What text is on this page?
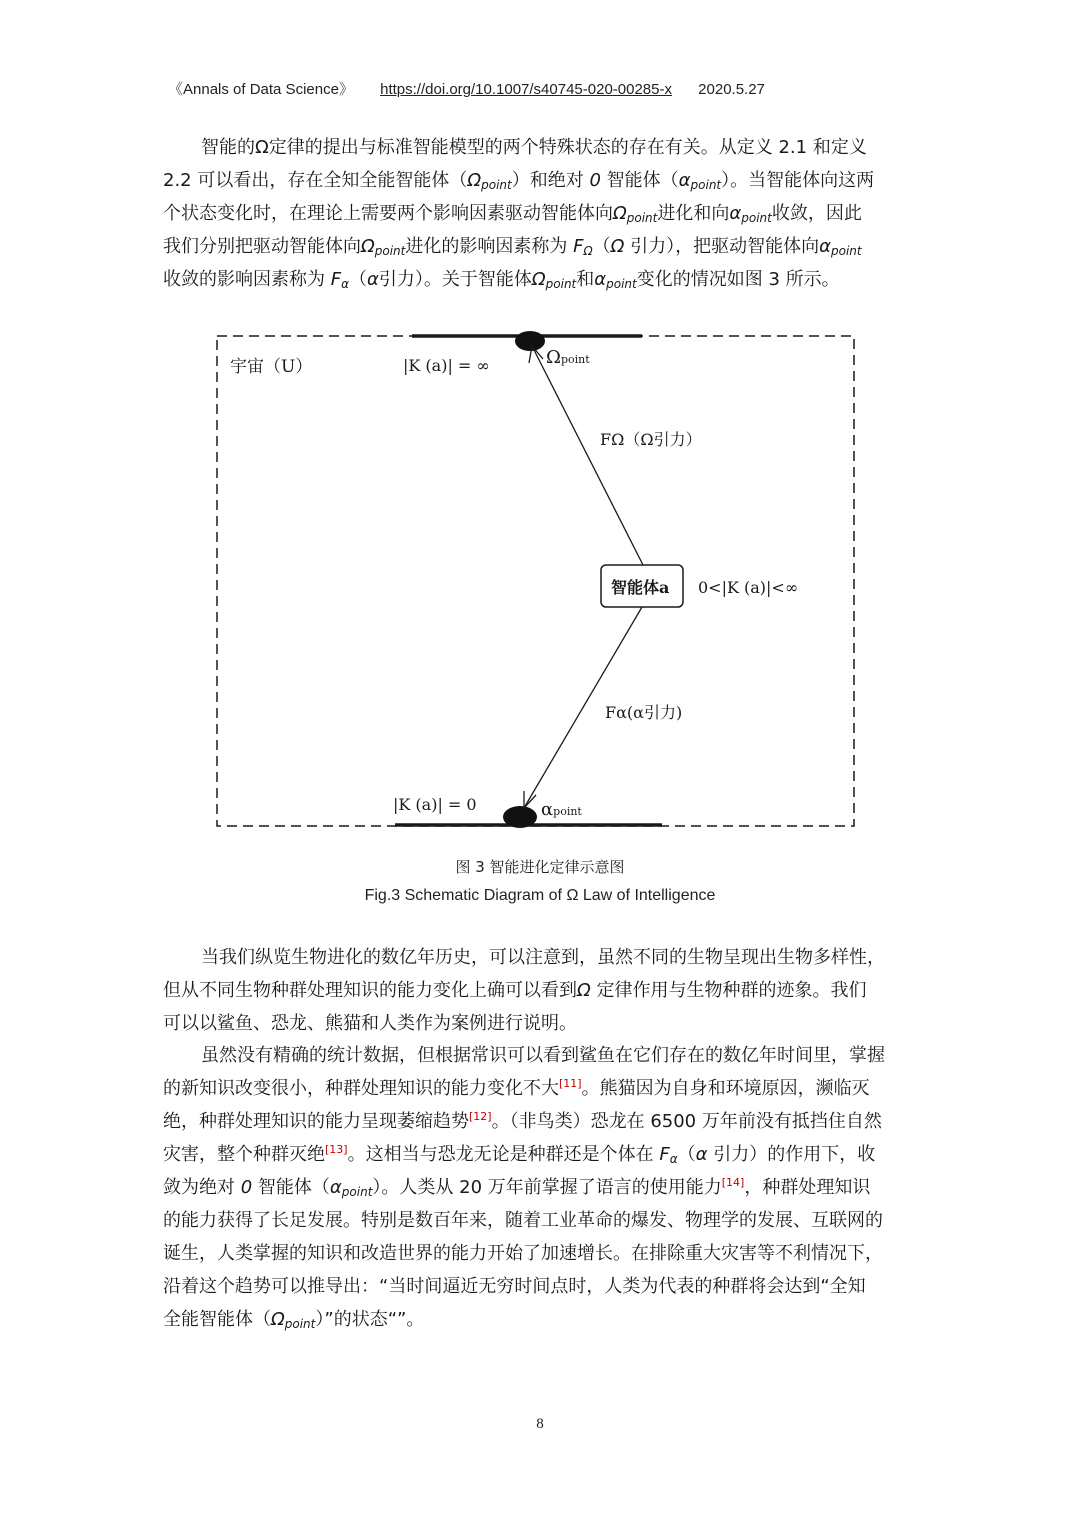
《Annals of Data Science》 https://doi.org/10.1007/s40745-020-00285-x 2020.5.27
智能的Ω定律的提出与标准智能模型的两个特殊状态的存在有关。从定义 2.1 和定义
2.2 可以看出，存在全知全能智能体$(\Omega_{point})$和绝对 0 智能体$(\alpha_{point})$。当智能体向这两
个状态变化时，在理论上需要两个影响因素驱动智能体向$\Omega_{point}$进化和向$\alpha_{point}$收敛，因此
我们分别把驱动智能体向$\Omega_{point}$进化的影响因素称为 $F_\Omega(\Omega$ 引力），把驱动智能体向$\alpha_{point}$
收敛的影响因素称为 $F_\alpha(\alpha$引力）。关于智能体$\Omega_{point}$和$\alpha_{point}$变化的情况如图 3 所示。
宇宙（U）	|K (a)| = ∞	Ωpoint
FΩ（Ω引力）
智能体a 0<|K (a)|<∞
Fα(α引力)
|K (a)| = 0	αpoint
图 3 智能进化定律示意图
Fig.3 Schematic Diagram of Ω Law of Intelligence
当我们纵览生物进化的数亿年历史，可以注意到，虽然不同的生物呈现出生物多样性，
但从不同生物种群处理知识的能力变化上确可以看到Ω 定律作用与生物种群的迹象。我们
可以以鲨鱼、恐龙、熊猫和人类作为案例进行说明。
虽然没有精确的统计数据，但根据常识可以看到鲨鱼在它们存在的数亿年时间里，掌握
的新知识改变很小，种群处理知识的能力变化不大[11]。熊猫因为自身和环境原因，濒临灭
绝，种群处理知识的能力呈现萎缩趋势[12]。（非鸟类）恐龙在 6500 万年前没有抵挡住自然
灾害，整个种群灭绝[13]。这相当与恐龙无论是种群还是个体在 $F_\alpha(\alpha$ 引力）的作用下，收
敛为绝对 0 智能体$(\alpha_{point})$。人类从 20 万年前掌握了语言的使用能力[14]，种群处理知识
的能力获得了长足发展。特别是数百年来，随着工业革命的爆发、物理学的发展、互联网的
诞生，人类掌握的知识和改造世界的能力开始了加速增长。在排除重大灾害等不利情况下，
沿着这个趋势可以推导出：“当时间逼近无穷时间点时，人类为代表的种群将会达到“全知
全能智能体$(\Omega_{point})$”的状态“”。
8
